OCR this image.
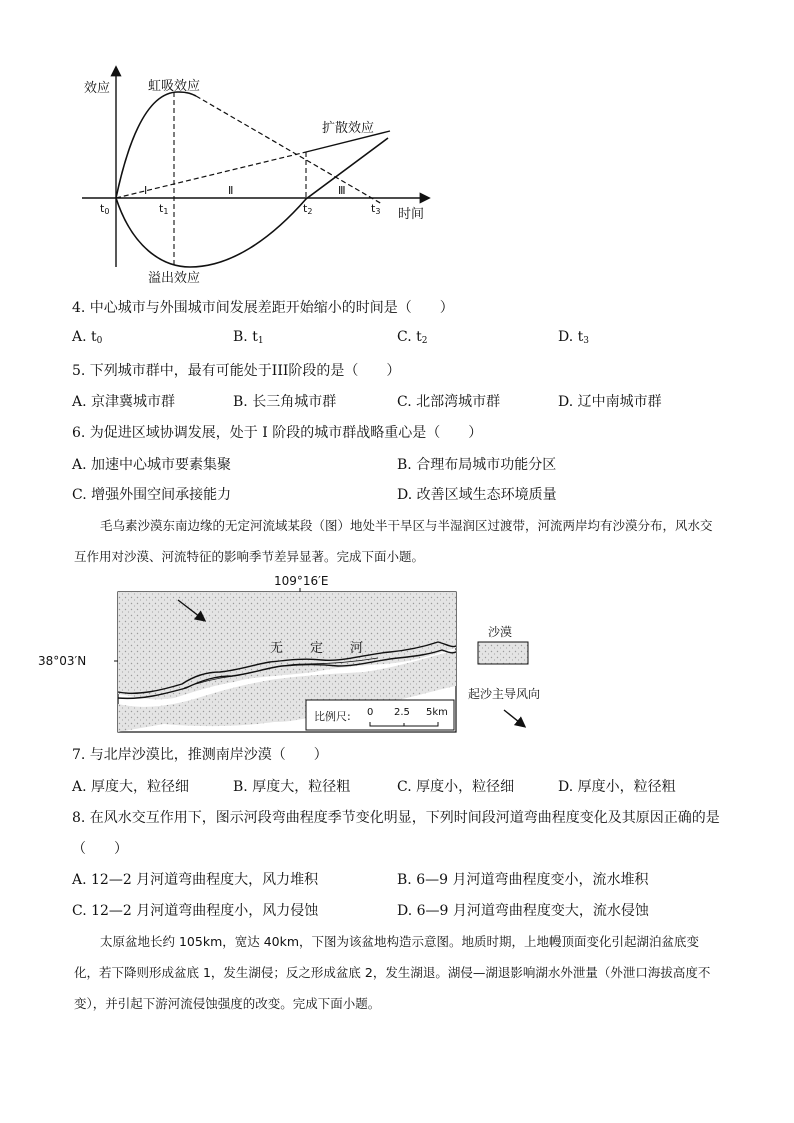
效应
时间
虹吸效应
扩散效应
溢出效应
Ⅰ	Ⅱ	Ⅲ
t0	t1	t2	t3
4. 中心城市与外围城市间发展差距开始缩小的时间是（　　）
A. $t_0$	B. $t_1$	C. $t_2$	D. $t_3$
5. 下列城市群中，最有可能处于III阶段的是（　　）
A. 京津冀城市群	B. 长三角城市群	C. 北部湾城市群	D. 辽中南城市群
6. 为促进区域协调发展，处于 I 阶段的城市群战略重心是（　　）
A. 加速中心城市要素集聚	B. 合理布局城市功能分区
C. 增强外围空间承接能力	D. 改善区域生态环境质量
毛乌素沙漠东南边缘的无定河流域某段（图）地处半干旱区与半湿润区过渡带，河流两岸均有沙漠分布，风水交互作用对沙漠、河流特征的影响季节差异显著。完成下面小题。
109°16′E
无 定 河
38°03′N
比例尺: 0 2.5 5km
沙漠
起沙主导风向
7. 与北岸沙漠比，推测南岸沙漠（　　）
A. 厚度大，粒径细	B. 厚度大，粒径粗	C. 厚度小，粒径细	D. 厚度小，粒径粗
8. 在风水交互作用下，图示河段弯曲程度季节变化明显，下列时间段河道弯曲程度变化及其原因正确的是
（　　）
A. 12—2 月河道弯曲程度大，风力堆积	B. 6—9 月河道弯曲程度变小，流水堆积
C. 12—2 月河道弯曲程度小，风力侵蚀	D. 6—9 月河道弯曲程度变大，流水侵蚀
太原盆地长约 105km，宽达 40km，下图为该盆地构造示意图。地质时期，上地幔顶面变化引起湖泊盆底变化，若下降则形成盆底 1，发生湖侵；反之形成盆底 2，发生湖退。湖侵—湖退影响湖水外泄量（外泄口海拔高度不变），并引起下游河流侵蚀强度的改变。完成下面小题。
